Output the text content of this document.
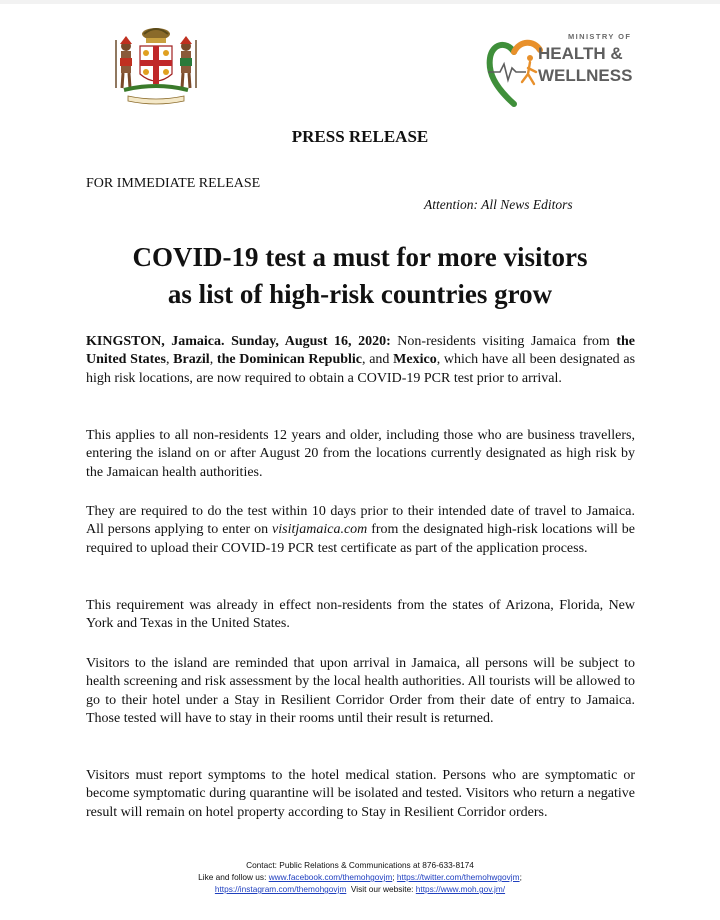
MINISTRY OF
HEALTH &
WELLNESS
PRESS RELEASE
FOR IMMEDIATE RELEASE
Attention: All News Editors
COVID-19 test a must for more visitors
as list of high-risk countries grow
KINGSTON, Jamaica. Sunday, August 16, 2020: Non-residents visiting Jamaica from the United States, Brazil, the Dominican Republic, and Mexico, which have all been designated as high risk locations, are now required to obtain a COVID-19 PCR test prior to arrival.
This applies to all non-residents 12 years and older, including those who are business travellers, entering the island on or after August 20 from the locations currently designated as high risk by the Jamaican health authorities.
They are required to do the test within 10 days prior to their intended date of travel to Jamaica. All persons applying to enter on visitjamaica.com from the designated high-risk locations will be required to upload their COVID-19 PCR test certificate as part of the application process.
This requirement was already in effect non-residents from the states of Arizona, Florida, New York and Texas in the United States.
Visitors to the island are reminded that upon arrival in Jamaica, all persons will be subject to health screening and risk assessment by the local health authorities. All tourists will be allowed to go to their hotel under a Stay in Resilient Corridor Order from their date of entry to Jamaica. Those tested will have to stay in their rooms until their result is returned.
Visitors must report symptoms to the hotel medical station. Persons who are symptomatic or become symptomatic during quarantine will be isolated and tested. Visitors who return a negative result will remain on hotel property according to Stay in Resilient Corridor orders.
Contact: Public Relations & Communications at 876-633-8174
Like and follow us: www.facebook.com/themohgovjm; https://twitter.com/themohwgovjm;
https://instagram.com/themohgovjm  Visit our website: https://www.moh.gov.jm/
